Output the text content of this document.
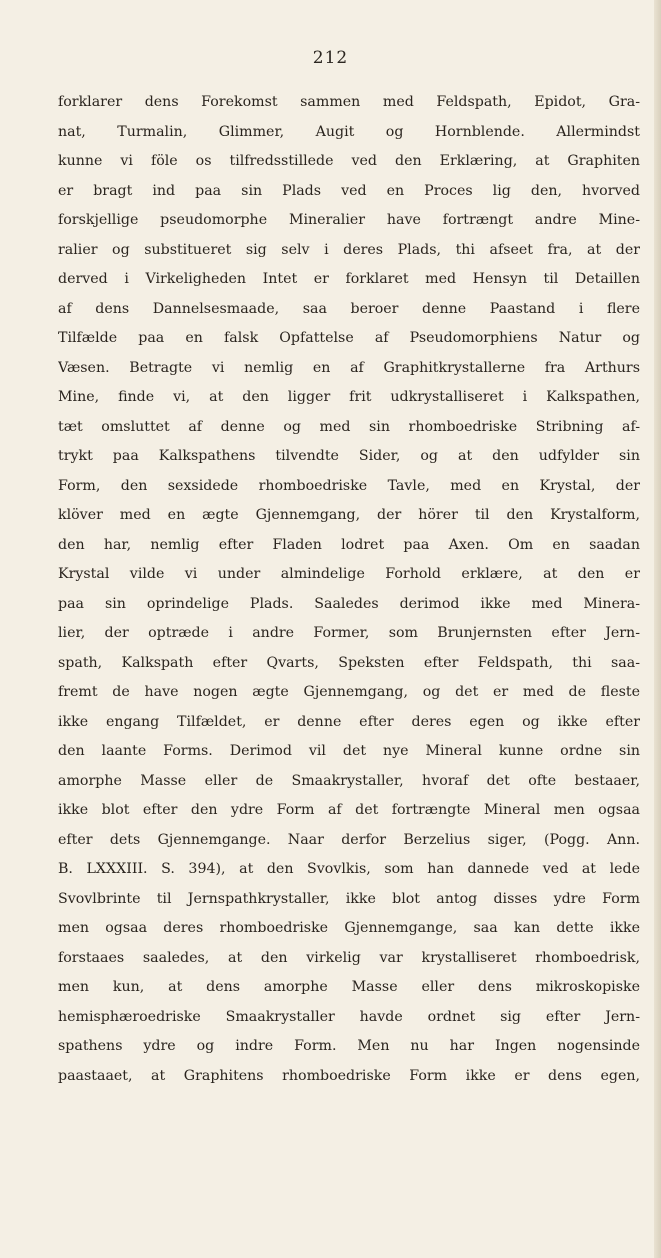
212
forklarer dens Forekomst sammen med Feldspath, Epidot, Gra-
nat, Turmalin, Glimmer, Augit og Hornblende. Allermindst
kunne vi föle os tilfredsstillede ved den Erklæring, at Graphiten
er bragt ind paa sin Plads ved en Proces lig den, hvorved
forskjellige pseudomorphe Mineralier have fortrængt andre Mine-
ralier og substitueret sig selv i deres Plads, thi afseet fra, at der
derved i Virkeligheden Intet er forklaret med Hensyn til Detaillen
af dens Dannelsesmaade, saa beroer denne Paastand i flere
Tilfælde paa en falsk Opfattelse af Pseudomorphiens Natur og
Væsen. Betragte vi nemlig en af Graphitkrystallerne fra Arthurs
Mine, finde vi, at den ligger frit udkrystalliseret i Kalkspathen,
tæt omsluttet af denne og med sin rhomboedriske Stribning af-
trykt paa Kalkspathens tilvendte Sider, og at den udfylder sin
Form, den sexsidede rhomboedriske Tavle, med en Krystal, der
klöver med en ægte Gjennemgang, der hörer til den Krystalform,
den har, nemlig efter Fladen lodret paa Axen. Om en saadan
Krystal vilde vi under almindelige Forhold erklære, at den er
paa sin oprindelige Plads. Saaledes derimod ikke med Minera-
lier, der optræde i andre Former, som Brunjernsten efter Jern-
spath, Kalkspath efter Qvarts, Speksten efter Feldspath, thi saa-
fremt de have nogen ægte Gjennemgang, og det er med de fleste
ikke engang Tilfældet, er denne efter deres egen og ikke efter
den laante Forms. Derimod vil det nye Mineral kunne ordne sin
amorphe Masse eller de Smaakrystaller, hvoraf det ofte bestaaer,
ikke blot efter den ydre Form af det fortrængte Mineral men ogsaa
efter dets Gjennemgange. Naar derfor Berzelius siger, (Pogg. Ann.
B. LXXXIII. S. 394), at den Svovlkis, som han dannede ved at lede
Svovlbrinte til Jernspathkrystaller, ikke blot antog disses ydre Form
men ogsaa deres rhomboedriske Gjennemgange, saa kan dette ikke
forstaaes saaledes, at den virkelig var krystalliseret rhomboedrisk,
men kun, at dens amorphe Masse eller dens mikroskopiske
hemisphæroedriske Smaakrystaller havde ordnet sig efter Jern-
spathens ydre og indre Form. Men nu har Ingen nogensinde
paastaaet, at Graphitens rhomboedriske Form ikke er dens egen,
